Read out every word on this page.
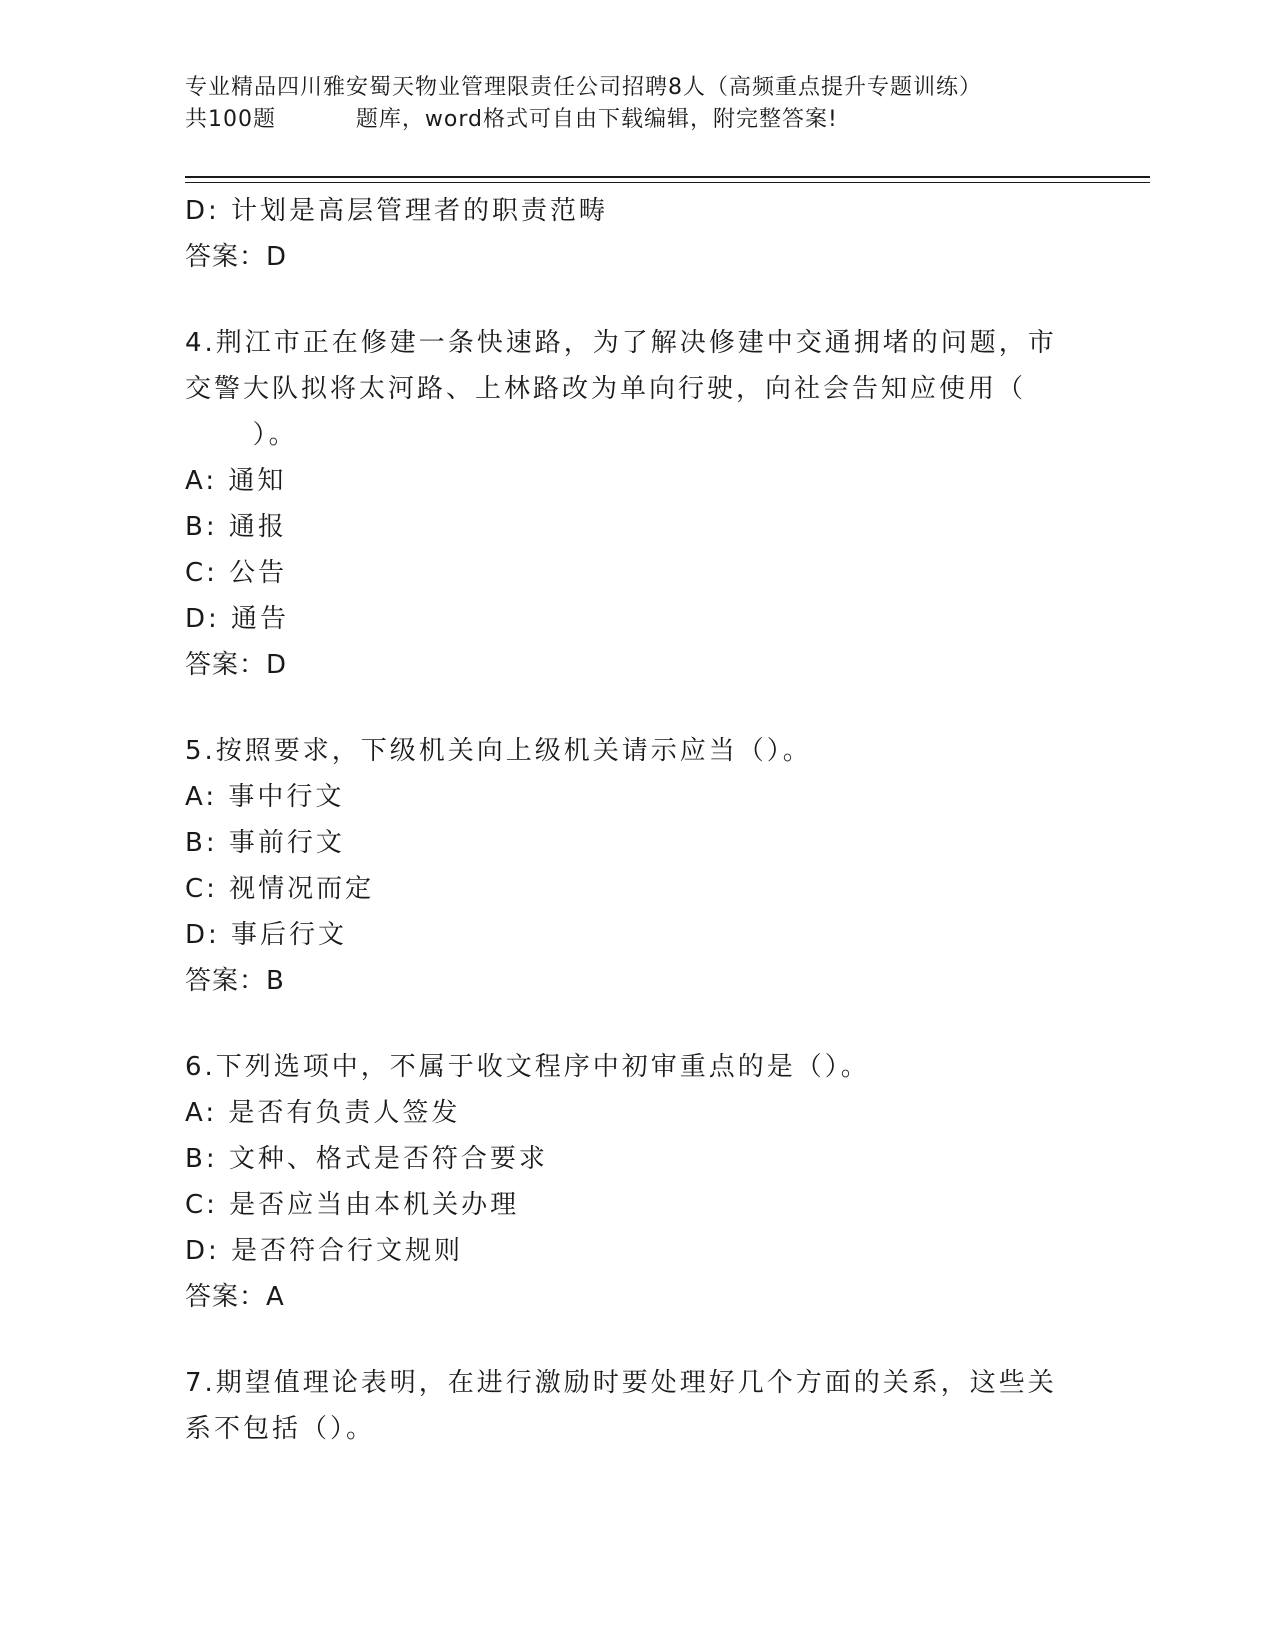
专业精品四川雅安蜀天物业管理限责任公司招聘8人（高频重点提升专题训练）
共100题          题库，word格式可自由下载编辑，附完整答案!
D: 计划是高层管理者的职责范畴
答案：D
4.荆江市正在修建一条快速路，为了解决修建中交通拥堵的问题，市
交警大队拟将太河路、上林路改为单向行驶，向社会告知应使用（
）。
A: 通知
B: 通报
C: 公告
D: 通告
答案：D
5.按照要求，下级机关向上级机关请示应当（）。
A: 事中行文
B: 事前行文
C: 视情况而定
D: 事后行文
答案：B
6.下列选项中，不属于收文程序中初审重点的是（）。
A: 是否有负责人签发
B: 文种、格式是否符合要求
C: 是否应当由本机关办理
D: 是否符合行文规则
答案：A
7.期望值理论表明，在进行激励时要处理好几个方面的关系，这些关
系不包括（）。
